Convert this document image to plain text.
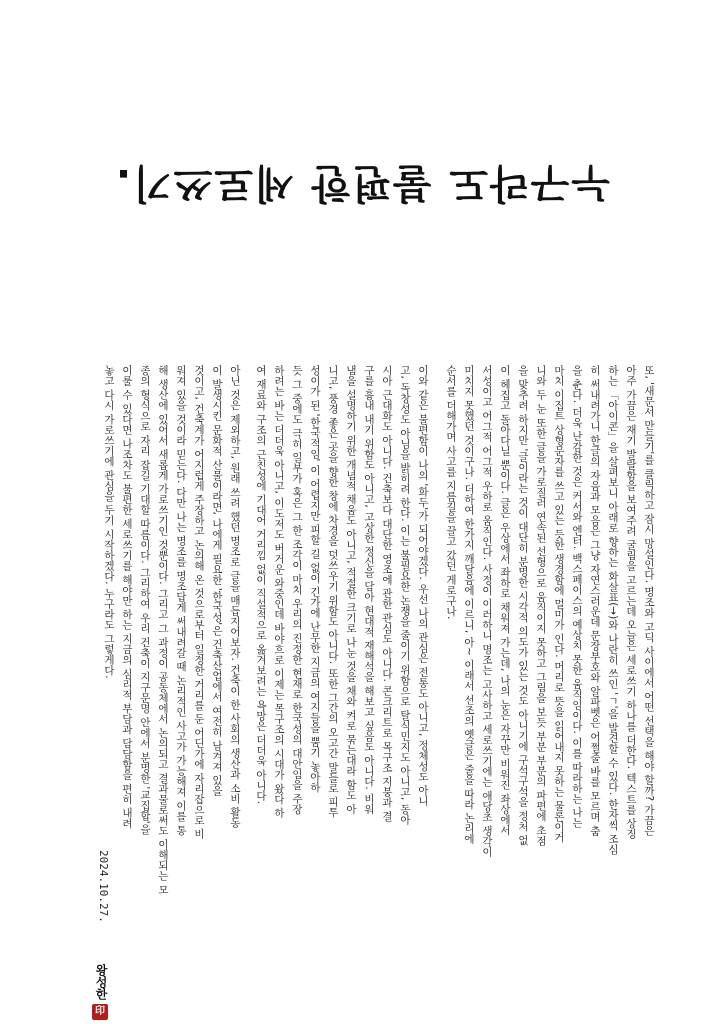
누구라도 불편한 세로쓰기.
또, '새문서 만들기'를 클릭하고 잠시 망설인다. 명조와 고딕 사이에서 어떤 선택을 해야 할까? 가끔은
아주 가끔은 재기 발랄함을 보여주려 굴림을 고르는데 오늘은 세로쓰기 하나를 더한다. 텍스트를 상징
하는 「아이콘」을 살펴보니 아래로 향하는 화살표(→)와 나란히 쓰인 'ㄱ'을 발견할 수 있다. 한자씩 조심
히 써내려가니 한글의 자음과 모음은 그냥 자연스러운데 문장부호와 알파벳은 어쩔줄 바를 모르며 춤
을 춘다. 더욱 난감한 것은 커서와 엔터. 백스페이스의 예상치 못한 움직임이다. 이를 따라하는 나는
마치 이집트 상형문자를 쓰고 있는 듯한 생경함에 멀미가 인다. 머리로 뜻을 읽어내지 못하는 물론이거
니와 두 눈 또한 글을 가로질러 연속된 선형으로 움직이지 못하고 그림을 보듯 부분 부분의 파편에 초점
을 맞추려 하지만 '글이라는 것이 대단히 분명한 시각적 의도가 있는 것도 아니기에 구석구석을 정처 없
이 헤집고 돌아다닐 뿐이다. 글은 우상에서 좌하로 채워져 가는데, 나의 눈은 자꾸만 비워진 좌상에서
서성이고 어그적 어그적 우하로 움직인다. 사정이 이러하니 명조는 고사하고 세로쓰기에는 애당초 생각이
미치지 못했던 것이구나. 더하여 한가지 깨달음에 이르니, 아~ 이래서 선조의 옛글은 줄을 따라 논리에
순서를 더해가며 사고를 지름길을 끌고 갔던 게로구나.
이와 같은 불편함이 나의 '화두'가 되어야겠다. 우선 나의 관심은 전통도 아니고, 정체성도 아니
고, 독창성도 아님을 밝히려 한다. 이는 불필요한 논쟁을 줄이기 위함으로 탈식민지도 아니고, 동아
시아 근대화도 아니다. 건축보다 대단한 영조에 관한 관심도 아니다. 콘크리트로 목구조 지붕과 결
구를 흉내 내기 위함도 아니고, 고상한 정신을 담아 현대적 재해석을 해보고 싶음도 아니다. 비워
냄을 설명하기 위한 개념적 채움도 아니고, 적절한 크기로 나눈 것을 채와 켜로 묶는대라 함도 아
니고, 풍경 좋은 곳을 향한 창에 차경을 덧쓰우기 위함도 아니다. 또한 그간의 오고간 말들로 피투
성이가 된 '한국적임' 이 어렵지만 피할 길 없이 긴가에 난무한 지금의 여지들을 뿜기 놓아하
듯 그 중에도 극히 일부가 혹은 그 한 조각이 마치 우리의 진정한 현재로 한국성의 대안임을 주장
하려는 바는 더더욱 아니고, 이도저도 버거운 와중인데 바야흐로 이제는 목구조의 시대가 왔다 하
여 재료와 구조의 근친성에 기대어 거리낌 없이 직설적으로 옮겨보려는 욕망은 더더욱 아니다.
아닌 것은 제외하고, 원래 쓰려 했던 명조로 글을 매듭지어보자. 건축이 한 사회의 생산과 소비 활동
이 발생시킨 문화적 산물이라면, 나에게 필요한 '한국성'은 건축산업에서 여전히 남겨져 있을
것이고, 건축계가 어지럽게 주장하고 논의해 온 것으로부터 일정한 거리를 둔 어딘가에 자리잡으로 비
워져 있을 것이라 믿는다. 다만 나는 명조를 명조답게 써내려갈 때 논리적인 사고가 가능해져 이를 통
해 생산에 있어서 새롭게 가로쓰기인 것뿐이다. 그리고 그 과정이 공동체에서 논의되고 결과물로써도 이해되는 모
종의 형식으로 자리 잡길 기대할 따름이다. 그리하여 우리 건축이 지구문명 안에서 분명한 '교집합'을
이룰 수 있다면 나조차도 불편한 세로쓰기를 해야만 하는 지금의 심리적 부담과 담담함을 편히 내려
놓고 다시 가로쓰기에 관심을 두기 시작하겠다. 누구라도 그렇게다.
2024.10.27.
왕성한
印
